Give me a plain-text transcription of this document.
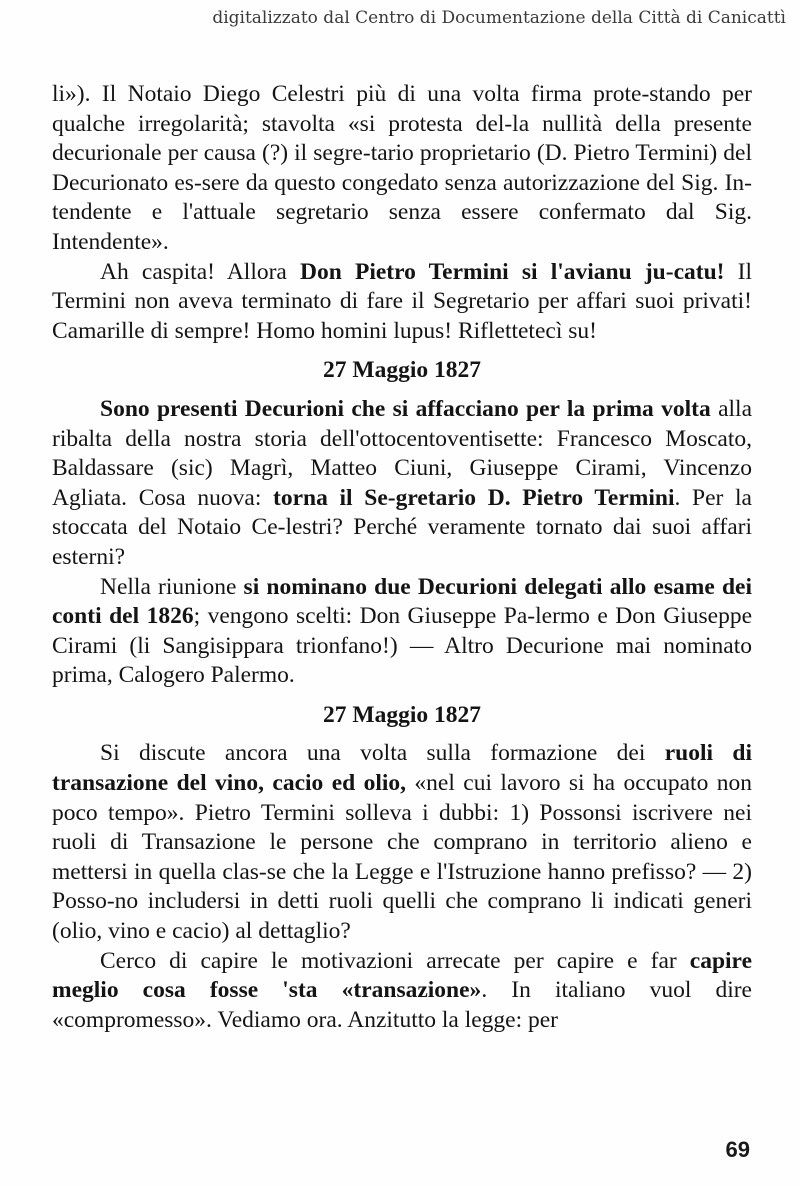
digitalizzato dal Centro di Documentazione della Città di Canicattì

li»). Il Notaio Diego Celestri più di una volta firma prote-stando per qualche irregolarità; stavolta «si protesta del-la nullità della presente decurionale per causa (?) il segre-tario proprietario (D. Pietro Termini) del Decurionato es-sere da questo congedato senza autorizzazione del Sig. In-tendente e l'attuale segretario senza essere confermato dal Sig. Intendente».

Ah caspita! Allora Don Pietro Termini si l'avianu ju-catu! Il Termini non aveva terminato di fare il Segretario per affari suoi privati! Camarille di sempre! Homo homini lupus! Riflettetecì su!

27 Maggio 1827

Sono presenti Decurioni che si affacciano per la prima volta alla ribalta della nostra storia dell'ottocentoventisette: Francesco Moscato, Baldassare (sic) Magrì, Matteo Ciuni, Giuseppe Cirami, Vincenzo Agliata. Cosa nuova: torna il Se-gretario D. Pietro Termini. Per la stoccata del Notaio Ce-lestri? Perché veramente tornato dai suoi affari esterni?

Nella riunione si nominano due Decurioni delegati allo esame dei conti del 1826; vengono scelti: Don Giuseppe Pa-lermo e Don Giuseppe Cirami (li Sangisippara trionfano!) — Altro Decurione mai nominato prima, Calogero Palermo.

27 Maggio 1827

Si discute ancora una volta sulla formazione dei ruoli di transazione del vino, cacio ed olio, «nel cui lavoro si ha occupato non poco tempo». Pietro Termini solleva i dubbi: 1) Possonsi iscrivere nei ruoli di Transazione le persone che comprano in territorio alieno e mettersi in quella clas-se che la Legge e l'Istruzione hanno prefisso? — 2) Posso-no includersi in detti ruoli quelli che comprano li indicati generi (olio, vino e cacio) al dettaglio?

Cerco di capire le motivazioni arrecate per capire e far capire meglio cosa fosse 'sta «transazione». In italiano vuol dire «compromesso». Vediamo ora. Anzitutto la legge: per

69
